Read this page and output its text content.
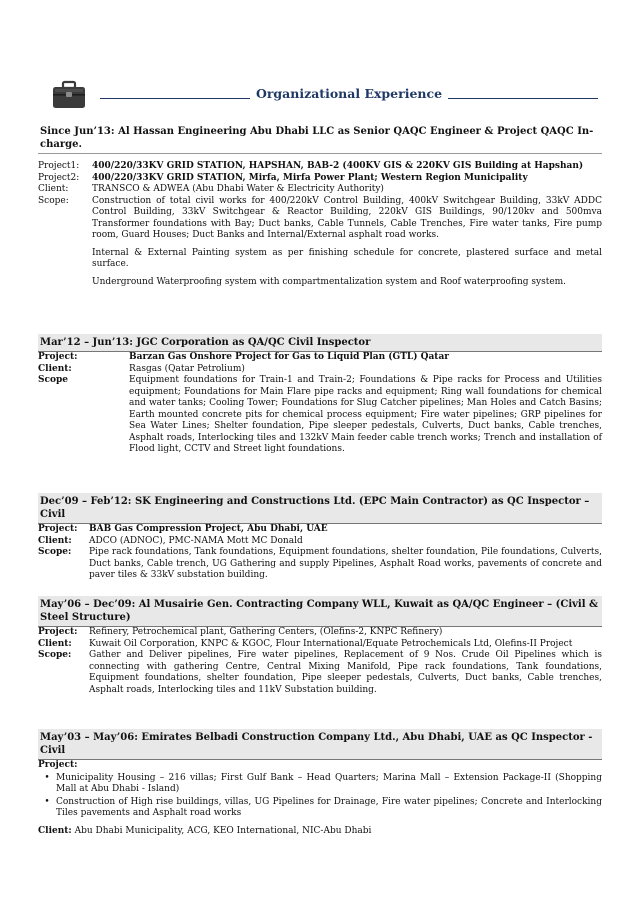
Organizational Experience
Since Jun’13: Al Hassan Engineering Abu Dhabi LLC as Senior QAQC Engineer & Project QAQC In-charge.
Project1:	400/220/33KV GRID STATION, HAPSHAN, BAB-2 (400KV GIS & 220KV GIS Building at Hapshan)
Project2:	400/220/33KV GRID STATION, Mirfa, Mirfa Power Plant; Western Region Municipality
Client:	TRANSCO & ADWEA (Abu Dhabi Water & Electricity Authority)
Scope:	Construction of total civil works for 400/220kV Control Building, 400kV Switchgear Building, 33kV ADDC Control Building, 33kV Switchgear & Reactor Building, 220kV GIS Buildings, 90/120kv and 500mva Transformer foundations with Bay; Duct banks, Cable Tunnels, Cable Trenches, Fire water tanks, Fire pump room, Guard Houses; Duct Banks and Internal/External asphalt road works.
Internal & External Painting system as per finishing schedule for concrete, plastered surface and metal surface.
Underground Waterproofing system with compartmentalization system and Roof waterproofing system.
Mar’12 – Jun’13: JGC Corporation as QA/QC Civil Inspector
Project:	Barzan Gas Onshore Project for Gas to Liquid Plan (GTL) Qatar
Client:	Rasgas (Qatar Petrolium)
Scope	Equipment foundations for Train-1 and Train-2; Foundations & Pipe racks for Process and Utilities equipment; Foundations for Main Flare pipe racks and equipment; Ring wall foundations for chemical and water tanks; Cooling Tower; Foundations for Slug Catcher pipelines; Man Holes and Catch Basins; Earth mounted concrete pits for chemical process equipment; Fire water pipelines; GRP pipelines for Sea Water Lines; Shelter foundation, Pipe sleeper pedestals, Culverts, Duct banks, Cable trenches, Asphalt roads, Interlocking tiles and 132kV Main feeder cable trench works; Trench and installation of Flood light, CCTV and Street light foundations.
Dec’09 – Feb’12: SK Engineering and Constructions Ltd. (EPC Main Contractor) as QC Inspector – Civil
Project:	BAB Gas Compression Project, Abu Dhabi, UAE
Client:	ADCO (ADNOC), PMC-NAMA Mott MC Donald
Scope:	Pipe rack foundations, Tank foundations, Equipment foundations, shelter foundation, Pile foundations, Culverts, Duct banks, Cable trench, UG Gathering and supply Pipelines, Asphalt Road works, pavements of concrete and paver tiles & 33kV substation building.
May’06 – Dec’09: Al Musairie Gen. Contracting Company WLL, Kuwait as QA/QC Engineer – (Civil & Steel Structure)
Project:	Refinery, Petrochemical plant, Gathering Centers, (Olefins-2, KNPC Refinery)
Client:	Kuwait Oil Corporation, KNPC & KGOC, Flour International/Equate Petrochemicals Ltd, Olefins-II Project
Scope:	Gather and Deliver pipelines, Fire water pipelines, Replacement of 9 Nos. Crude Oil Pipelines which is connecting with gathering Centre, Central Mixing Manifold, Pipe rack foundations, Tank foundations, Equipment foundations, shelter foundation, Pipe sleeper pedestals, Culverts, Duct banks, Cable trenches, Asphalt roads, Interlocking tiles and 11kV Substation building.
May’03 – May’06: Emirates Belbadi Construction Company Ltd., Abu Dhabi, UAE as QC Inspector - Civil
Project:
• Municipality Housing – 216 villas; First Gulf Bank – Head Quarters; Marina Mall – Extension Package-II (Shopping Mall at Abu Dhabi - Island)
• Construction of High rise buildings, villas, UG Pipelines for Drainage, Fire water pipelines; Concrete and Interlocking Tiles pavements and Asphalt road works
Client: Abu Dhabi Municipality, ACG, KEO International, NIC-Abu Dhabi
